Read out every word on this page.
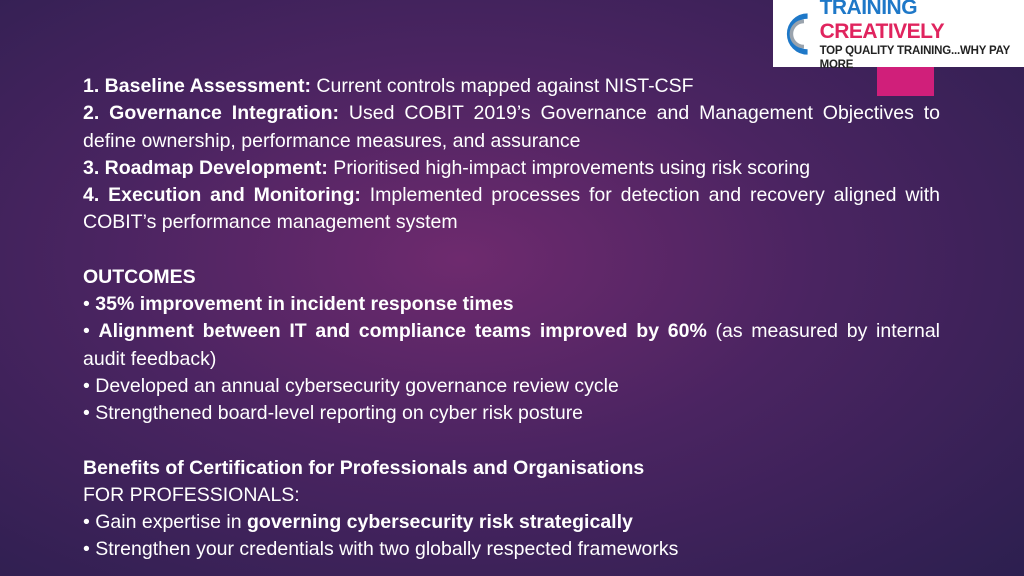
TRAINING CREATIVELY
TOP QUALITY TRAINING...WHY PAY MORE

1. Baseline Assessment: Current controls mapped against NIST-CSF

2. Governance Integration: Used COBIT 2019’s Governance and Management Objectives to define ownership, performance measures, and assurance

3. Roadmap Development: Prioritised high-impact improvements using risk scoring

4. Execution and Monitoring: Implemented processes for detection and recovery aligned with COBIT’s performance management system

OUTCOMES

• 35% improvement in incident response times

• Alignment between IT and compliance teams improved by 60% (as measured by internal audit feedback)

• Developed an annual cybersecurity governance review cycle

• Strengthened board-level reporting on cyber risk posture

Benefits of Certification for Professionals and Organisations

FOR PROFESSIONALS:

• Gain expertise in governing cybersecurity risk strategically

• Strengthen your credentials with two globally respected frameworks
